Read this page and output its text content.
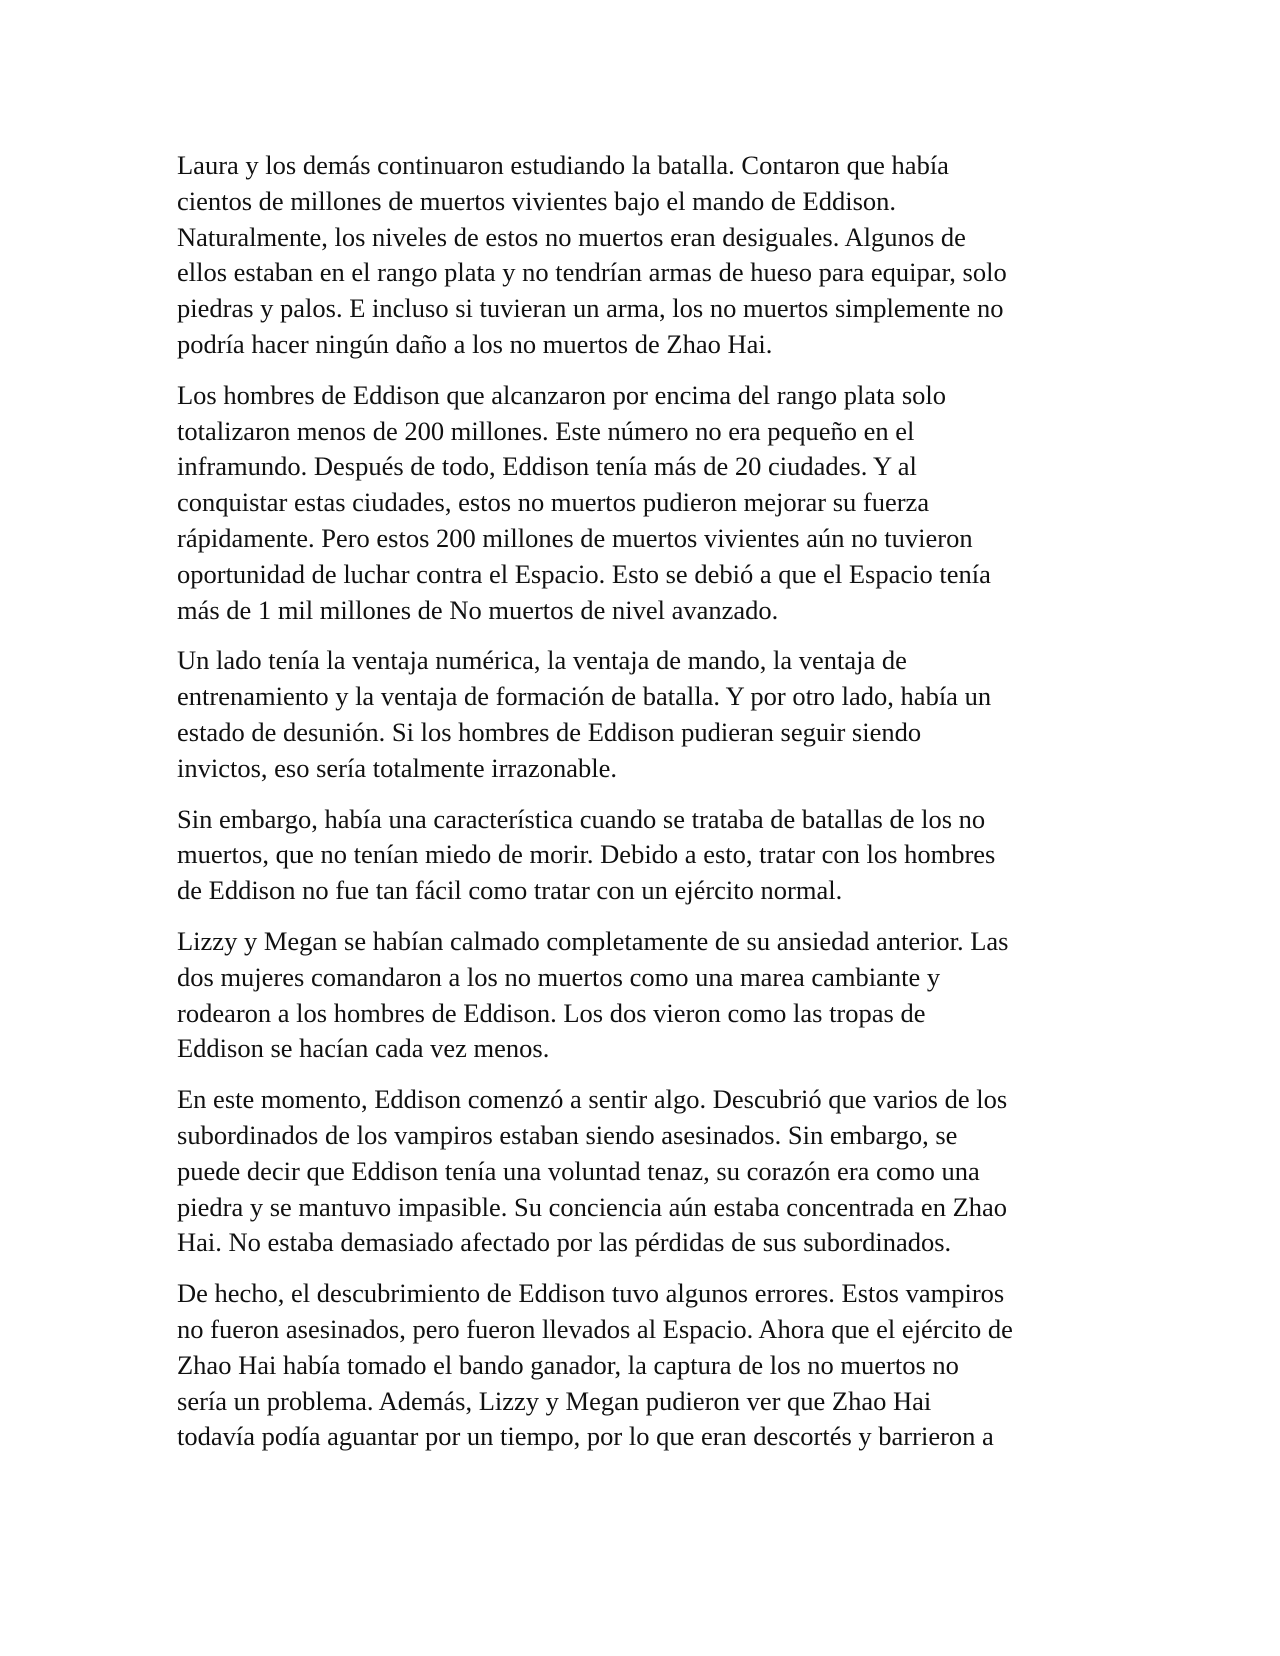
Laura y los demás continuaron estudiando la batalla. Contaron que había
cientos de millones de muertos vivientes bajo el mando de Eddison.
Naturalmente, los niveles de estos no muertos eran desiguales. Algunos de
ellos estaban en el rango plata y no tendrían armas de hueso para equipar, solo
piedras y palos. E incluso si tuvieran un arma, los no muertos simplemente no
podría hacer ningún daño a los no muertos de Zhao Hai.

Los hombres de Eddison que alcanzaron por encima del rango plata solo
totalizaron menos de 200 millones. Este número no era pequeño en el
inframundo. Después de todo, Eddison tenía más de 20 ciudades. Y al
conquistar estas ciudades, estos no muertos pudieron mejorar su fuerza
rápidamente. Pero estos 200 millones de muertos vivientes aún no tuvieron
oportunidad de luchar contra el Espacio. Esto se debió a que el Espacio tenía
más de 1 mil millones de No muertos de nivel avanzado.

Un lado tenía la ventaja numérica, la ventaja de mando, la ventaja de
entrenamiento y la ventaja de formación de batalla. Y por otro lado, había un
estado de desunión. Si los hombres de Eddison pudieran seguir siendo
invictos, eso sería totalmente irrazonable.

Sin embargo, había una característica cuando se trataba de batallas de los no
muertos, que no tenían miedo de morir. Debido a esto, tratar con los hombres
de Eddison no fue tan fácil como tratar con un ejército normal.

Lizzy y Megan se habían calmado completamente de su ansiedad anterior. Las
dos mujeres comandaron a los no muertos como una marea cambiante y
rodearon a los hombres de Eddison. Los dos vieron como las tropas de
Eddison se hacían cada vez menos.

En este momento, Eddison comenzó a sentir algo. Descubrió que varios de los
subordinados de los vampiros estaban siendo asesinados. Sin embargo, se
puede decir que Eddison tenía una voluntad tenaz, su corazón era como una
piedra y se mantuvo impasible. Su conciencia aún estaba concentrada en Zhao
Hai. No estaba demasiado afectado por las pérdidas de sus subordinados.

De hecho, el descubrimiento de Eddison tuvo algunos errores. Estos vampiros
no fueron asesinados, pero fueron llevados al Espacio. Ahora que el ejército de
Zhao Hai había tomado el bando ganador, la captura de los no muertos no
sería un problema. Además, Lizzy y Megan pudieron ver que Zhao Hai
todavía podía aguantar por un tiempo, por lo que eran descortés y barrieron a
